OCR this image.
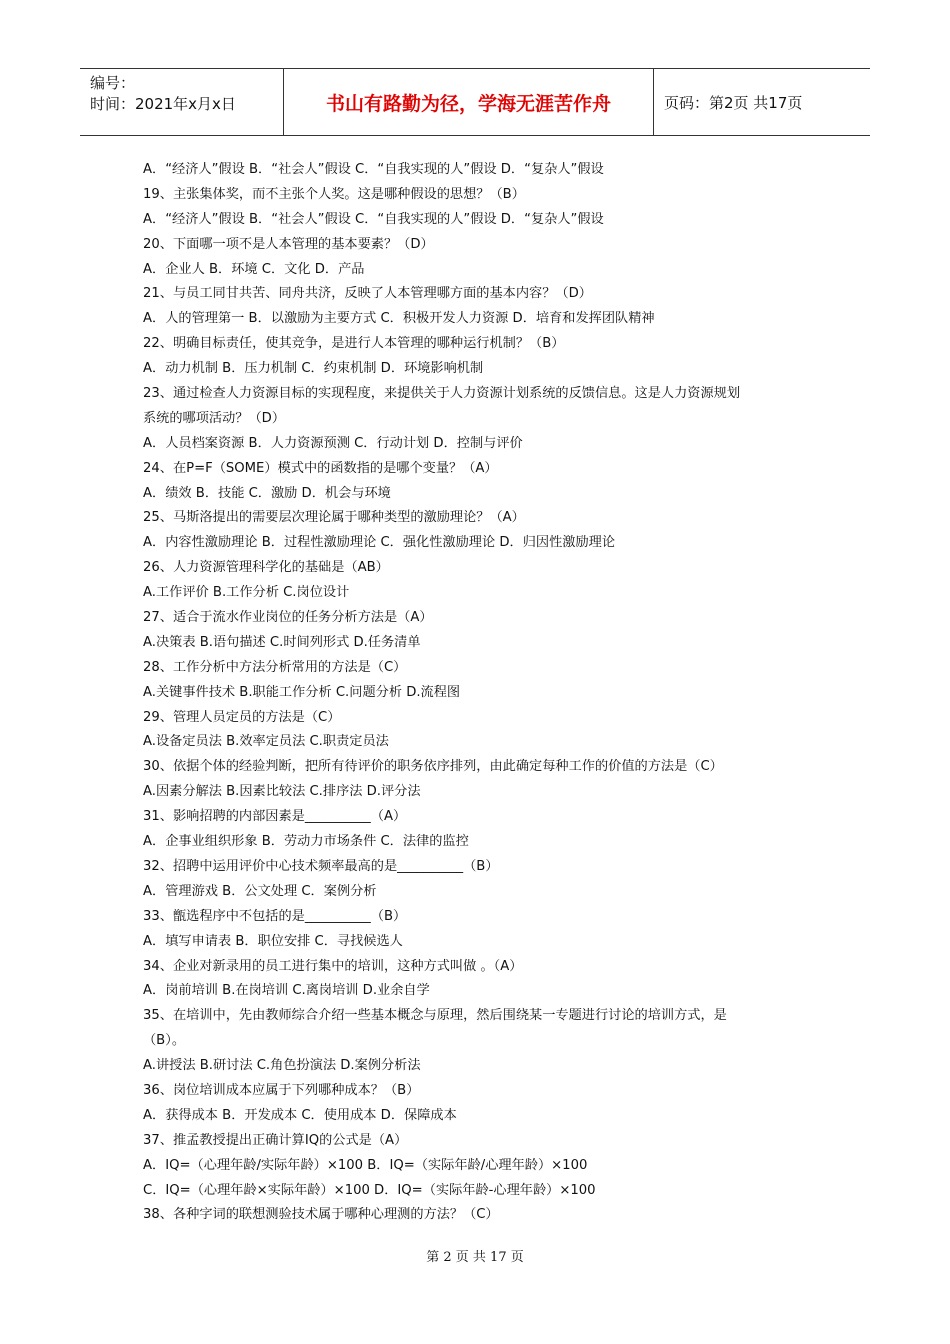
编号：
时间：2021年x月x日	书山有路勤为径，学海无涯苦作舟	页码：第2页 共17页
A．“经济人”假设 B．“社会人”假设 C．“自我实现的人”假设 D．“复杂人”假设
19、主张集体奖，而不主张个人奖。这是哪种假设的思想？（B）
A．“经济人”假设 B．“社会人”假设 C．“自我实现的人”假设 D．“复杂人”假设
20、下面哪一项不是人本管理的基本要素？（D）
A．企业人 B．环境 C．文化 D．产品
21、与员工同甘共苦、同舟共济，反映了人本管理哪方面的基本内容？（D）
A．人的管理第一 B．以激励为主要方式 C．积极开发人力资源 D．培育和发挥团队精神
22、明确目标责任，使其竞争，是进行人本管理的哪种运行机制？（B）
A．动力机制 B．压力机制 C．约束机制 D．环境影响机制
23、通过检查人力资源目标的实现程度，来提供关于人力资源计划系统的反馈信息。这是人力资源规划
系统的哪项活动？（D）
A．人员档案资源 B．人力资源预测 C．行动计划 D．控制与评价
24、在P=F（SOME）模式中的函数指的是哪个变量？（A）
A．绩效 B．技能 C．激励 D．机会与环境
25、马斯洛提出的需要层次理论属于哪种类型的激励理论？（A）
A．内容性激励理论 B．过程性激励理论 C．强化性激励理论 D．归因性激励理论
26、人力资源管理科学化的基础是（AB）
A.工作评价 B.工作分析 C.岗位设计
27、适合于流水作业岗位的任务分析方法是（A）
A.决策表 B.语句描述 C.时间列形式 D.任务清单
28、工作分析中方法分析常用的方法是（C）
A.关键事件技术 B.职能工作分析 C.问题分析 D.流程图
29、管理人员定员的方法是（C）
A.设备定员法 B.效率定员法 C.职责定员法
30、依据个体的经验判断，把所有待评价的职务依序排列，由此确定每种工作的价值的方法是（C）
A.因素分解法 B.因素比较法 C.排序法 D.评分法
31、影响招聘的内部因素是__________（A）
A．企事业组织形象 B．劳动力市场条件 C．法律的监控
32、招聘中运用评价中心技术频率最高的是__________（B）
A．管理游戏 B．公文处理 C．案例分析
33、甑选程序中不包括的是__________（B）
A．填写申请表 B．职位安排 C．寻找候选人
34、企业对新录用的员工进行集中的培训，这种方式叫做 。（A）
A．岗前培训 B.在岗培训 C.离岗培训 D.业余自学
35、在培训中，先由教师综合介绍一些基本概念与原理，然后围绕某一专题进行讨论的培训方式，是
（B）。
A.讲授法 B.研讨法 C.角色扮演法 D.案例分析法
36、岗位培训成本应属于下列哪种成本？（B）
A．获得成本 B．开发成本 C．使用成本 D．保障成本
37、推孟教授提出正确计算IQ的公式是（A）
A．IQ=（心理年龄/实际年龄）×100 B．IQ=（实际年龄/心理年龄）×100
C．IQ=（心理年龄×实际年龄）×100 D．IQ=（实际年龄-心理年龄）×100
38、各种字词的联想测验技术属于哪种心理测的方法？（C）
第 2 页 共 17 页
